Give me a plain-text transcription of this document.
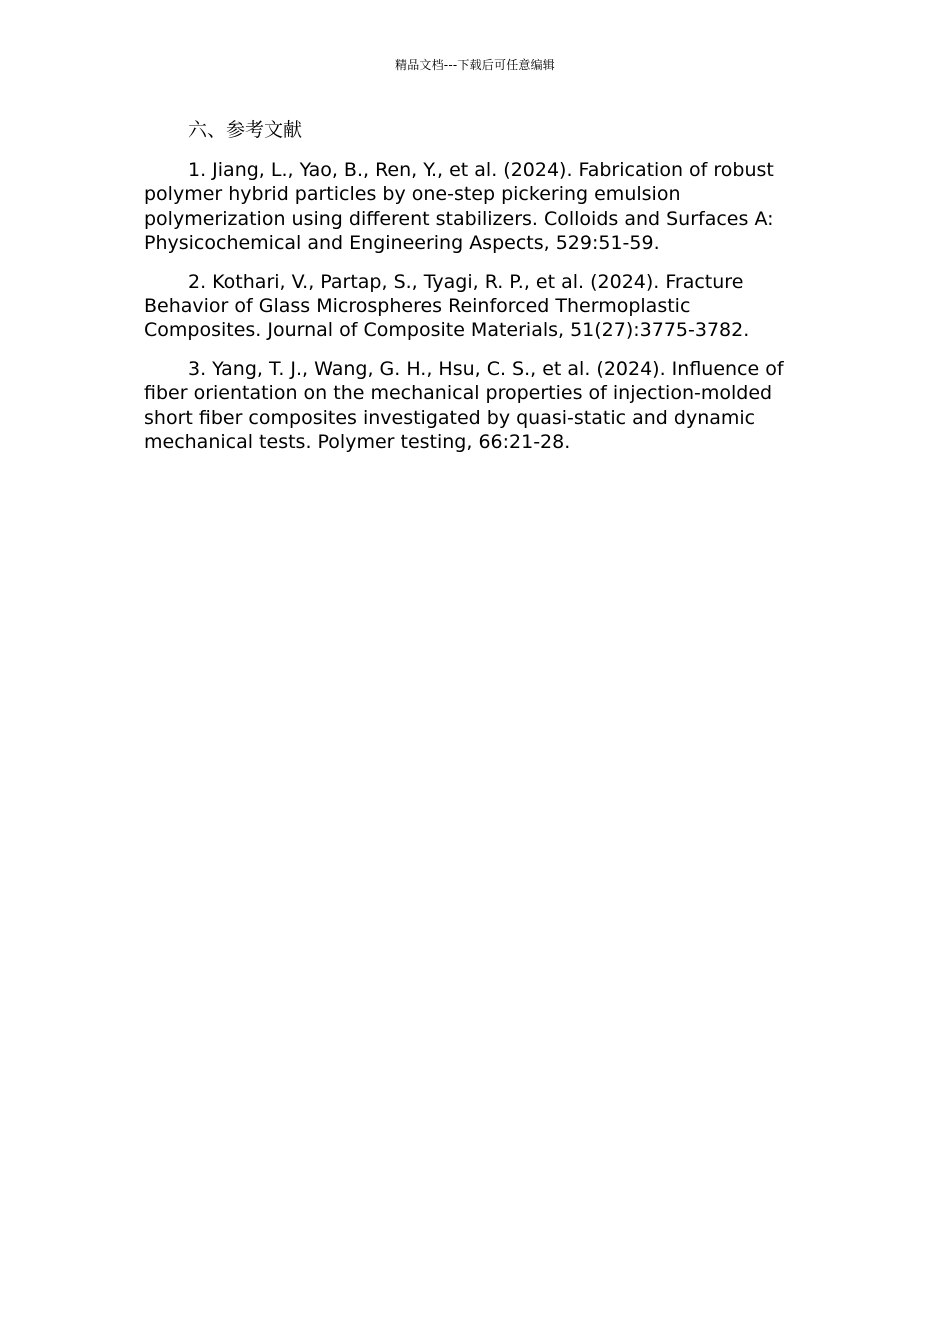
精品文档---下载后可任意编辑
六、参考文献
1. Jiang, L., Yao, B., Ren, Y., et al. (2024). Fabrication of robust polymer hybrid particles by one-step pickering emulsion polymerization using different stabilizers. Colloids and Surfaces A: Physicochemical and Engineering Aspects, 529:51-59.
2. Kothari, V., Partap, S., Tyagi, R. P., et al. (2024). Fracture Behavior of Glass Microspheres Reinforced Thermoplastic Composites. Journal of Composite Materials, 51(27):3775-3782.
3. Yang, T. J., Wang, G. H., Hsu, C. S., et al. (2024). Influence of fiber orientation on the mechanical properties of injection-molded short fiber composites investigated by quasi-static and dynamic mechanical tests. Polymer testing, 66:21-28.
